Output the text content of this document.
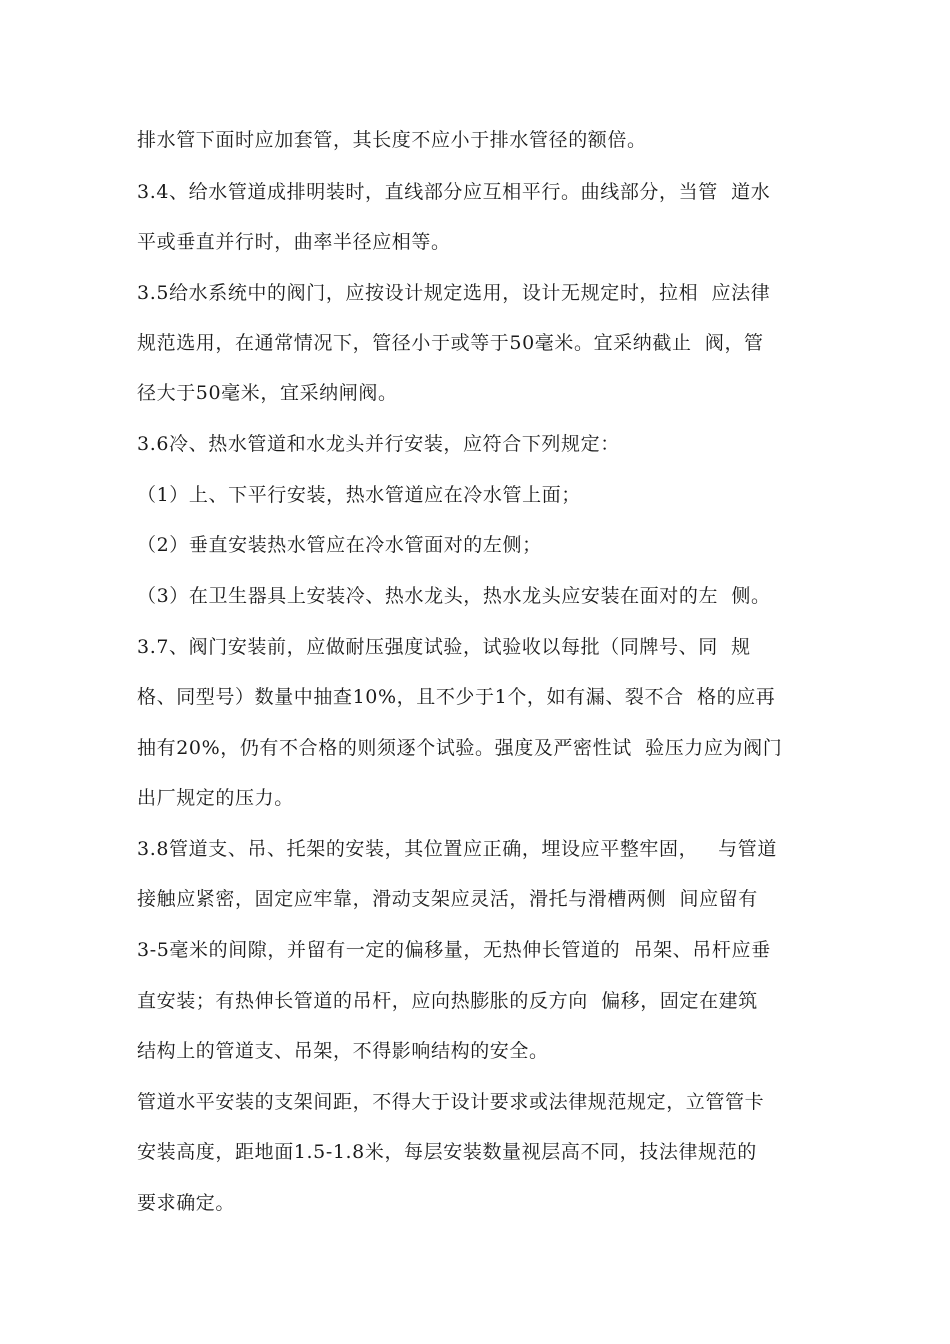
排水管下面时应加套管，其长度不应小于排水管径的额倍。
3.4、给水管道成排明装时，直线部分应互相平行。曲线部分，当管  道水
平或垂直并行时，曲率半径应相等。
3.5给水系统中的阀门，应按设计规定选用，设计无规定时，拉相  应法律
规范选用，在通常情况下，管径小于或等于50毫米。宜采纳截止  阀，管
径大于50毫米，宜采纳闸阀。
3.6冷、热水管道和水龙头并行安装，应符合下列规定：
（1）上、下平行安装，热水管道应在冷水管上面；
（2）垂直安装热水管应在冷水管面对的左侧；
（3）在卫生器具上安装冷、热水龙头，热水龙头应安装在面对的左  侧。
3.7、阀门安装前，应做耐压强度试验，试验收以每批（同牌号、同  规
格、同型号）数量中抽查10%，且不少于1个，如有漏、裂不合  格的应再
抽有20%，仍有不合格的则须逐个试验。强度及严密性试  验压力应为阀门
出厂规定的压力。
3.8管道支、吊、托架的安装，其位置应正确，埋设应平整牢固，   与管道
接触应紧密，固定应牢靠，滑动支架应灵活，滑托与滑槽两侧  间应留有
3-5毫米的间隙，并留有一定的偏移量，无热伸长管道的  吊架、吊杆应垂
直安装；有热伸长管道的吊杆，应向热膨胀的反方向  偏移，固定在建筑
结构上的管道支、吊架，不得影响结构的安全。
管道水平安装的支架间距，不得大于设计要求或法律规范规定，立管管卡
安装高度，距地面1.5-1.8米，每层安装数量视层高不同，技法律规范的
要求确定。
